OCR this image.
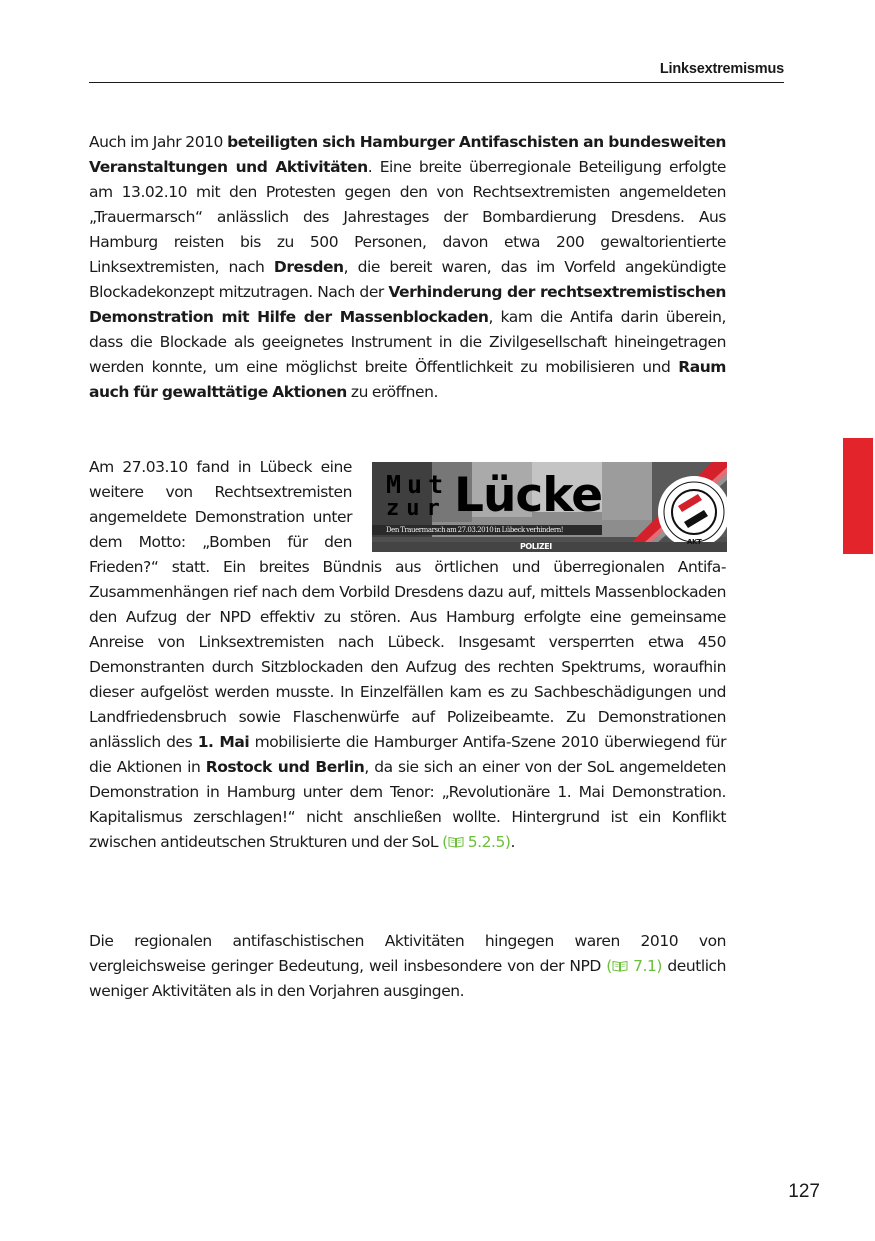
Linksextremismus

Auch im Jahr 2010 beteiligten sich Hamburger Antifaschisten an bundesweiten Veranstaltungen und Aktivitäten. Eine breite überregionale Beteiligung erfolgte am 13.02.10 mit den Protesten gegen den von Rechtsextremisten angemeldeten „Trauermarsch“ anlässlich des Jahrestages der Bombardierung Dresdens. Aus Hamburg reisten bis zu 500 Personen, davon etwa 200 gewaltorientierte Linksextremisten, nach Dresden, die bereit waren, das im Vorfeld angekündigte Blockadekonzept mitzutragen. Nach der Verhinderung der rechtsextremistischen Demonstration mit Hilfe der Massenblockaden, kam die Antifa darin überein, dass die Blockade als geeignetes Instrument in die Zivilgesellschaft hineingetragen werden konnte, um eine möglichst breite Öffentlichkeit zu mobilisieren und Raum auch für gewalttätige Aktionen zu eröffnen.

Mut
zur Lücke
Den Trauermarsch am 27.03.2010 in Lübeck verhindern!
POLIZEI	AKT
Am 27.03.10 fand in Lübeck eine weitere von Rechtsextremisten angemeldete Demonstration unter dem Motto: „Bomben für den Frieden?“ statt. Ein breites Bündnis aus örtlichen und überregionalen Antifa-Zusammenhängen rief nach dem Vorbild Dresdens dazu auf, mittels Massenblockaden den Aufzug der NPD effektiv zu stören. Aus Hamburg erfolgte eine gemeinsame Anreise von Linksextremisten nach Lübeck. Insgesamt versperrten etwa 450 Demonstranten durch Sitzblockaden den Aufzug des rechten Spektrums, woraufhin dieser aufgelöst werden musste. In Einzelfällen kam es zu Sachbeschädigungen und Landfriedensbruch sowie Flaschenwürfe auf Polizeibeamte. Zu Demonstrationen anlässlich des 1. Mai mobilisierte die Hamburger Antifa-Szene 2010 überwiegend für die Aktionen in Rostock und Berlin, da sie sich an einer von der SoL angemeldeten Demonstration in Hamburg unter dem Tenor: „Revolutionäre 1. Mai Demonstration. Kapitalismus zerschlagen!“ nicht anschließen wollte. Hintergrund ist ein Konflikt zwischen antideutschen Strukturen und der SoL ( 5.2.5).

Die regionalen antifaschistischen Aktivitäten hingegen waren 2010 von vergleichsweise geringer Bedeutung, weil insbesondere von der NPD ( 7.1) deutlich weniger Aktivitäten als in den Vorjahren ausgingen.

127
